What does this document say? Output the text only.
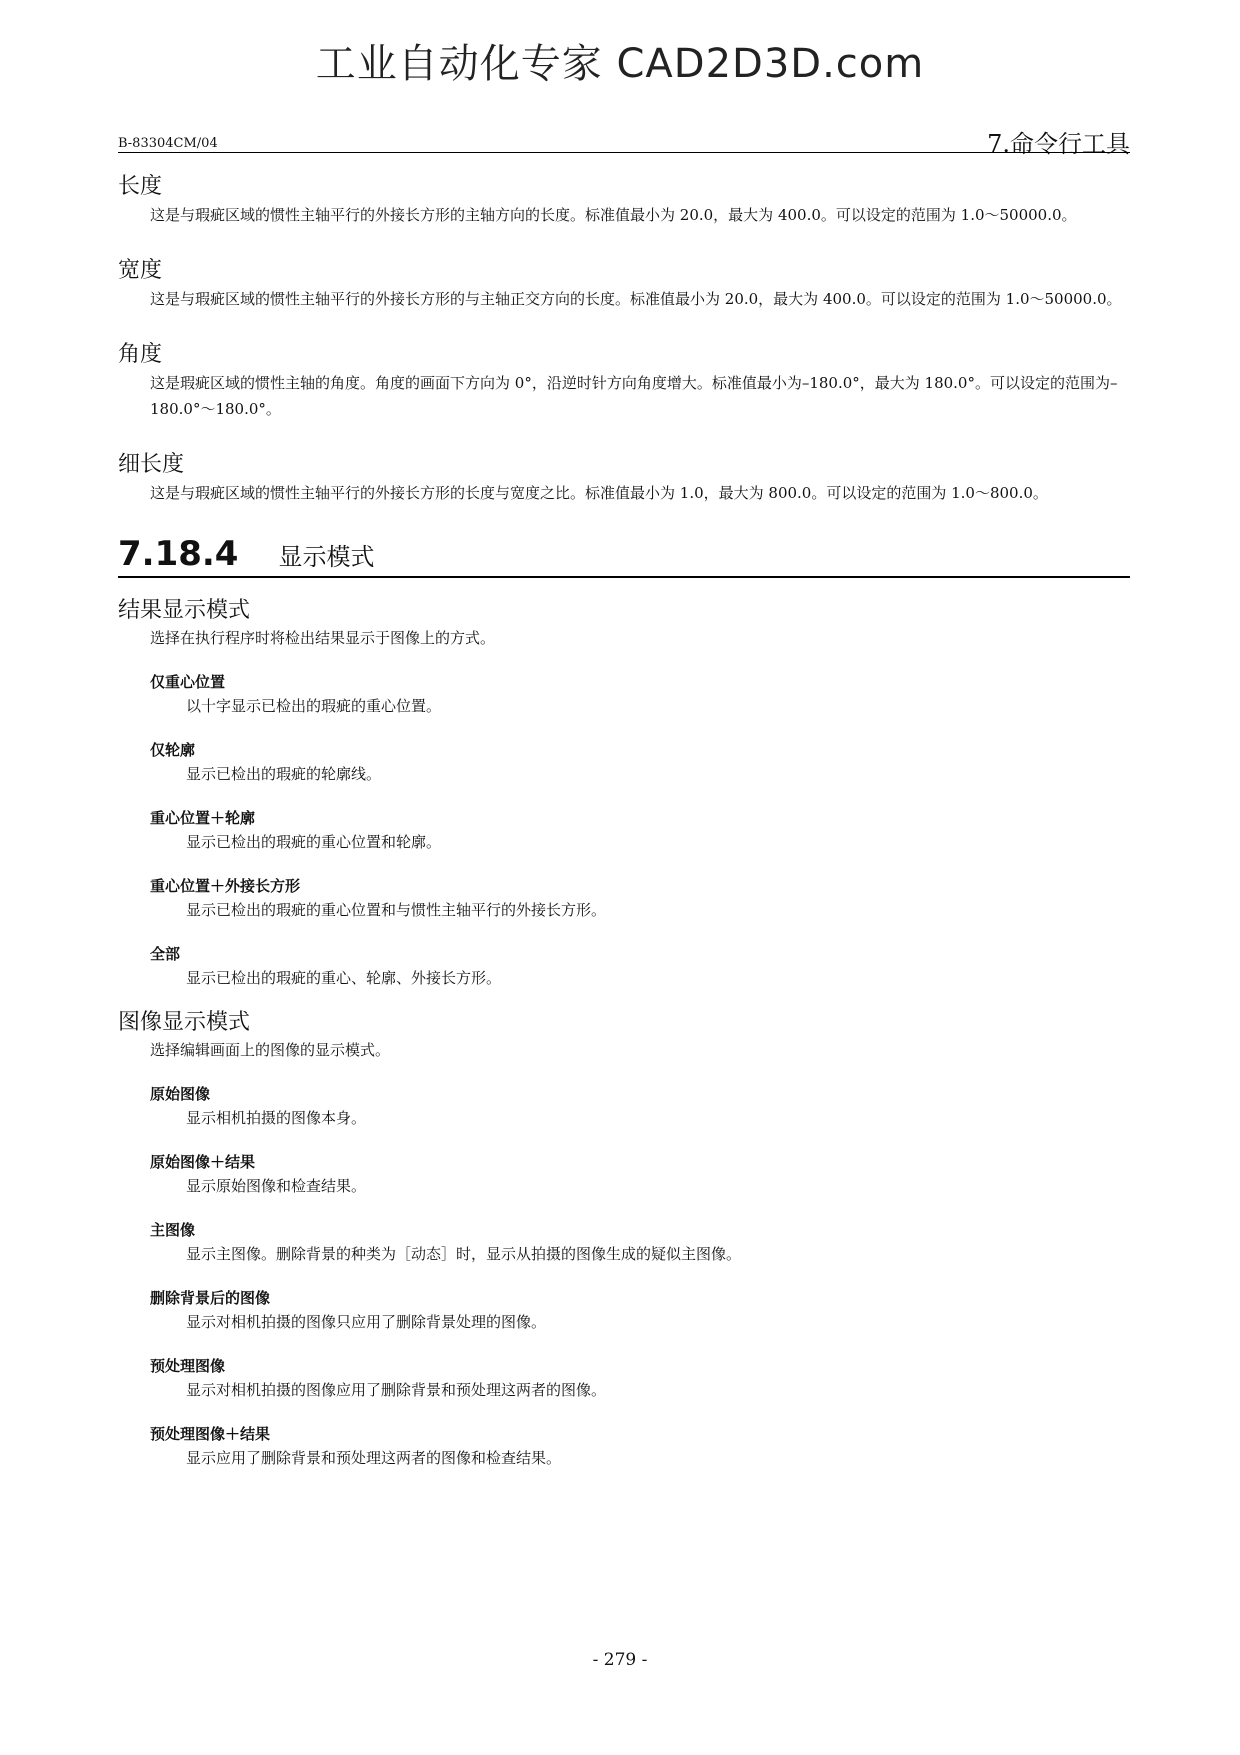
工业自动化专家 CAD2D3D.com
B-83304CM/04	7.命令行工具
长度
这是与瑕疵区域的惯性主轴平行的外接长方形的主轴方向的长度。标准值最小为 20.0，最大为 400.0。可以设定的范围为 1.0～50000.0。
宽度
这是与瑕疵区域的惯性主轴平行的外接长方形的与主轴正交方向的长度。标准值最小为 20.0，最大为 400.0。可以设定的范围为 1.0～50000.0。
角度
这是瑕疵区域的惯性主轴的角度。角度的画面下方向为 0°，沿逆时针方向角度增大。标准值最小为–180.0°，最大为 180.0°。可以设定的范围为–180.0°～180.0°。
细长度
这是与瑕疵区域的惯性主轴平行的外接长方形的长度与宽度之比。标准值最小为 1.0，最大为 800.0。可以设定的范围为 1.0～800.0。
7.18.4 显示模式
结果显示模式
选择在执行程序时将检出结果显示于图像上的方式。
仅重心位置
以十字显示已检出的瑕疵的重心位置。
仅轮廓
显示已检出的瑕疵的轮廓线。
重心位置＋轮廓
显示已检出的瑕疵的重心位置和轮廓。
重心位置＋外接长方形
显示已检出的瑕疵的重心位置和与惯性主轴平行的外接长方形。
全部
显示已检出的瑕疵的重心、轮廓、外接长方形。
图像显示模式
选择编辑画面上的图像的显示模式。
原始图像
显示相机拍摄的图像本身。
原始图像＋结果
显示原始图像和检查结果。
主图像
显示主图像。删除背景的种类为［动态］时，显示从拍摄的图像生成的疑似主图像。
删除背景后的图像
显示对相机拍摄的图像只应用了删除背景处理的图像。
预处理图像
显示对相机拍摄的图像应用了删除背景和预处理这两者的图像。
预处理图像＋结果
显示应用了删除背景和预处理这两者的图像和检查结果。
- 279 -
